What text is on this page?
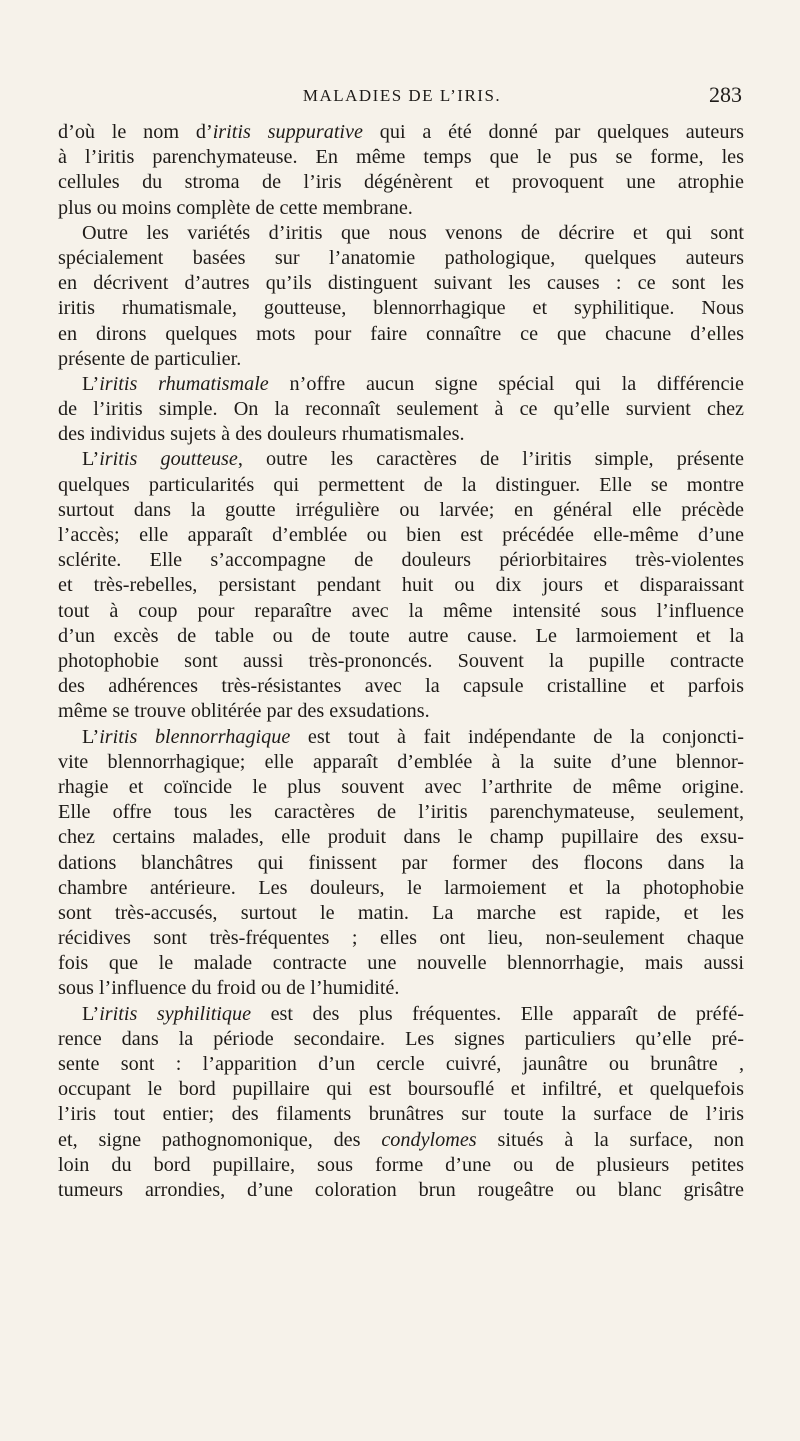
MALADIES DE L’IRIS.	283
d’où le nom d’iritis suppurative qui a été donné par quelques auteurs
à l’iritis parenchymateuse. En même temps que le pus se forme, les
cellules du stroma de l’iris dégénèrent et provoquent une atrophie
plus ou moins complète de cette membrane.
Outre les variétés d’iritis que nous venons de décrire et qui sont
spécialement basées sur l’anatomie pathologique, quelques auteurs
en décrivent d’autres qu’ils distinguent suivant les causes : ce sont les
iritis rhumatismale, goutteuse, blennorrhagique et syphilitique. Nous
en dirons quelques mots pour faire connaître ce que chacune d’elles
présente de particulier.
L’iritis rhumatismale n’offre aucun signe spécial qui la différencie
de l’iritis simple. On la reconnaît seulement à ce qu’elle survient chez
des individus sujets à des douleurs rhumatismales.
L’iritis goutteuse, outre les caractères de l’iritis simple, présente
quelques particularités qui permettent de la distinguer. Elle se montre
surtout dans la goutte irrégulière ou larvée; en général elle précède
l’accès; elle apparaît d’emblée ou bien est précédée elle-même d’une
sclérite. Elle s’accompagne de douleurs périorbitaires très-violentes
et très-rebelles, persistant pendant huit ou dix jours et disparaissant
tout à coup pour reparaître avec la même intensité sous l’influence
d’un excès de table ou de toute autre cause. Le larmoiement et la
photophobie sont aussi très-prononcés. Souvent la pupille contracte
des adhérences très-résistantes avec la capsule cristalline et parfois
même se trouve oblitérée par des exsudations.
L’iritis blennorrhagique est tout à fait indépendante de la conjoncti-
vite blennorrhagique; elle apparaît d’emblée à la suite d’une blennor-
rhagie et coïncide le plus souvent avec l’arthrite de même origine.
Elle offre tous les caractères de l’iritis parenchymateuse, seulement,
chez certains malades, elle produit dans le champ pupillaire des exsu-
dations blanchâtres qui finissent par former des flocons dans la
chambre antérieure. Les douleurs, le larmoiement et la photophobie
sont très-accusés, surtout le matin. La marche est rapide, et les
récidives sont très-fréquentes ; elles ont lieu, non-seulement chaque
fois que le malade contracte une nouvelle blennorrhagie, mais aussi
sous l’influence du froid ou de l’humidité.
L’iritis syphilitique est des plus fréquentes. Elle apparaît de préfé-
rence dans la période secondaire. Les signes particuliers qu’elle pré-
sente sont : l’apparition d’un cercle cuivré, jaunâtre ou brunâtre ,
occupant le bord pupillaire qui est boursouflé et infiltré, et quelquefois
l’iris tout entier; des filaments brunâtres sur toute la surface de l’iris
et, signe pathognomonique, des condylomes situés à la surface, non
loin du bord pupillaire, sous forme d’une ou de plusieurs petites
tumeurs arrondies, d’une coloration brun rougeâtre ou blanc grisâtre
